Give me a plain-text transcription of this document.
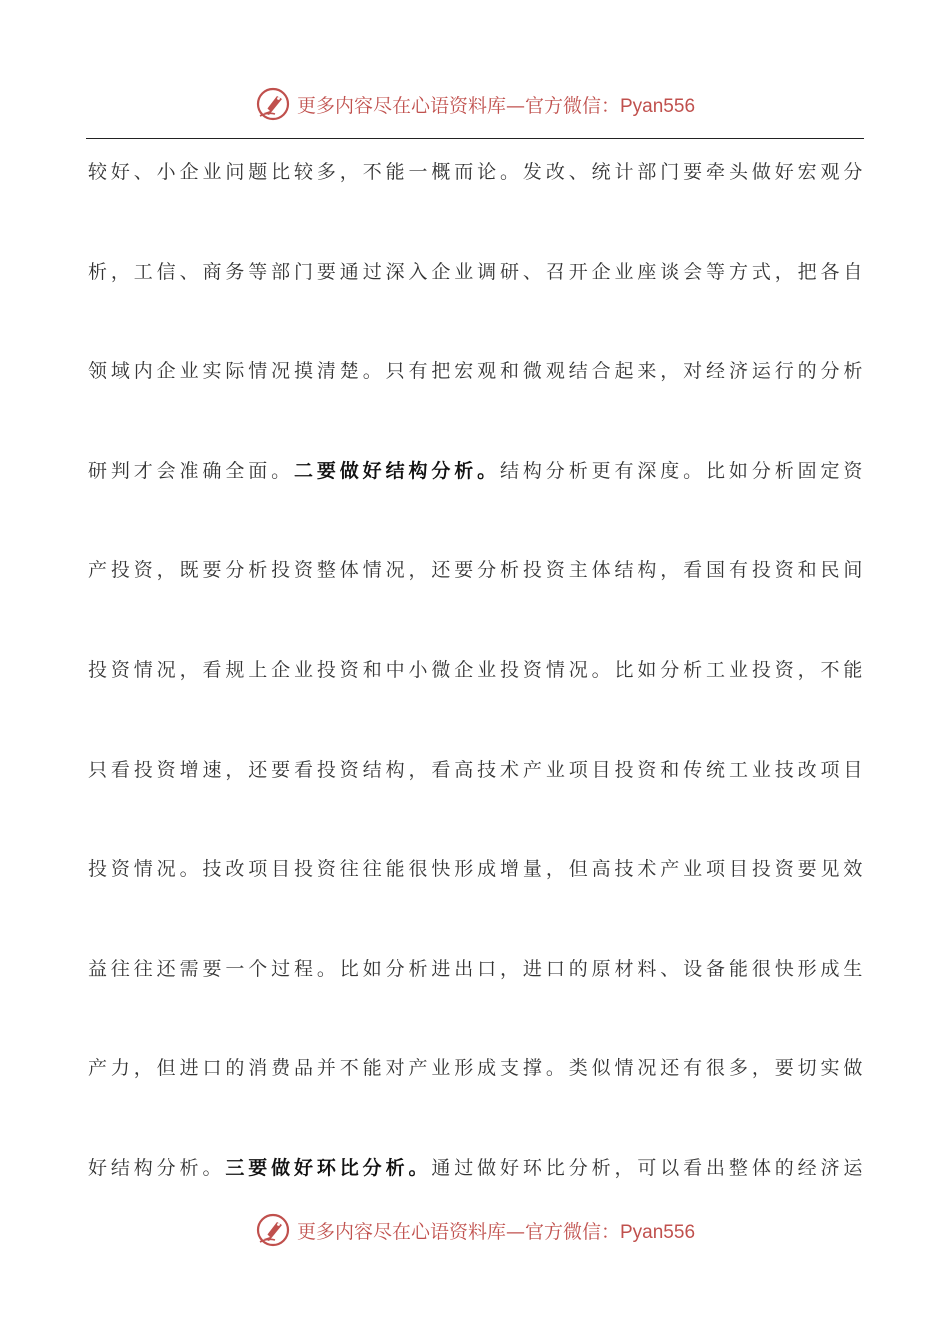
更多内容尽在心语资料库—官方微信：Pyan556
较好、小企业问题比较多，不能一概而论。发改、统计部门要牵头做好宏观分
析，工信、商务等部门要通过深入企业调研、召开企业座谈会等方式，把各自
领域内企业实际情况摸清楚。只有把宏观和微观结合起来，对经济运行的分析
研判才会准确全面。二要做好结构分析。结构分析更有深度。比如分析固定资
产投资，既要分析投资整体情况，还要分析投资主体结构，看国有投资和民间
投资情况，看规上企业投资和中小微企业投资情况。比如分析工业投资，不能
只看投资增速，还要看投资结构，看高技术产业项目投资和传统工业技改项目
投资情况。技改项目投资往往能很快形成增量，但高技术产业项目投资要见效
益往往还需要一个过程。比如分析进出口，进口的原材料、设备能很快形成生
产力，但进口的消费品并不能对产业形成支撑。类似情况还有很多，要切实做
好结构分析。三要做好环比分析。通过做好环比分析，可以看出整体的经济运
更多内容尽在心语资料库—官方微信：Pyan556
